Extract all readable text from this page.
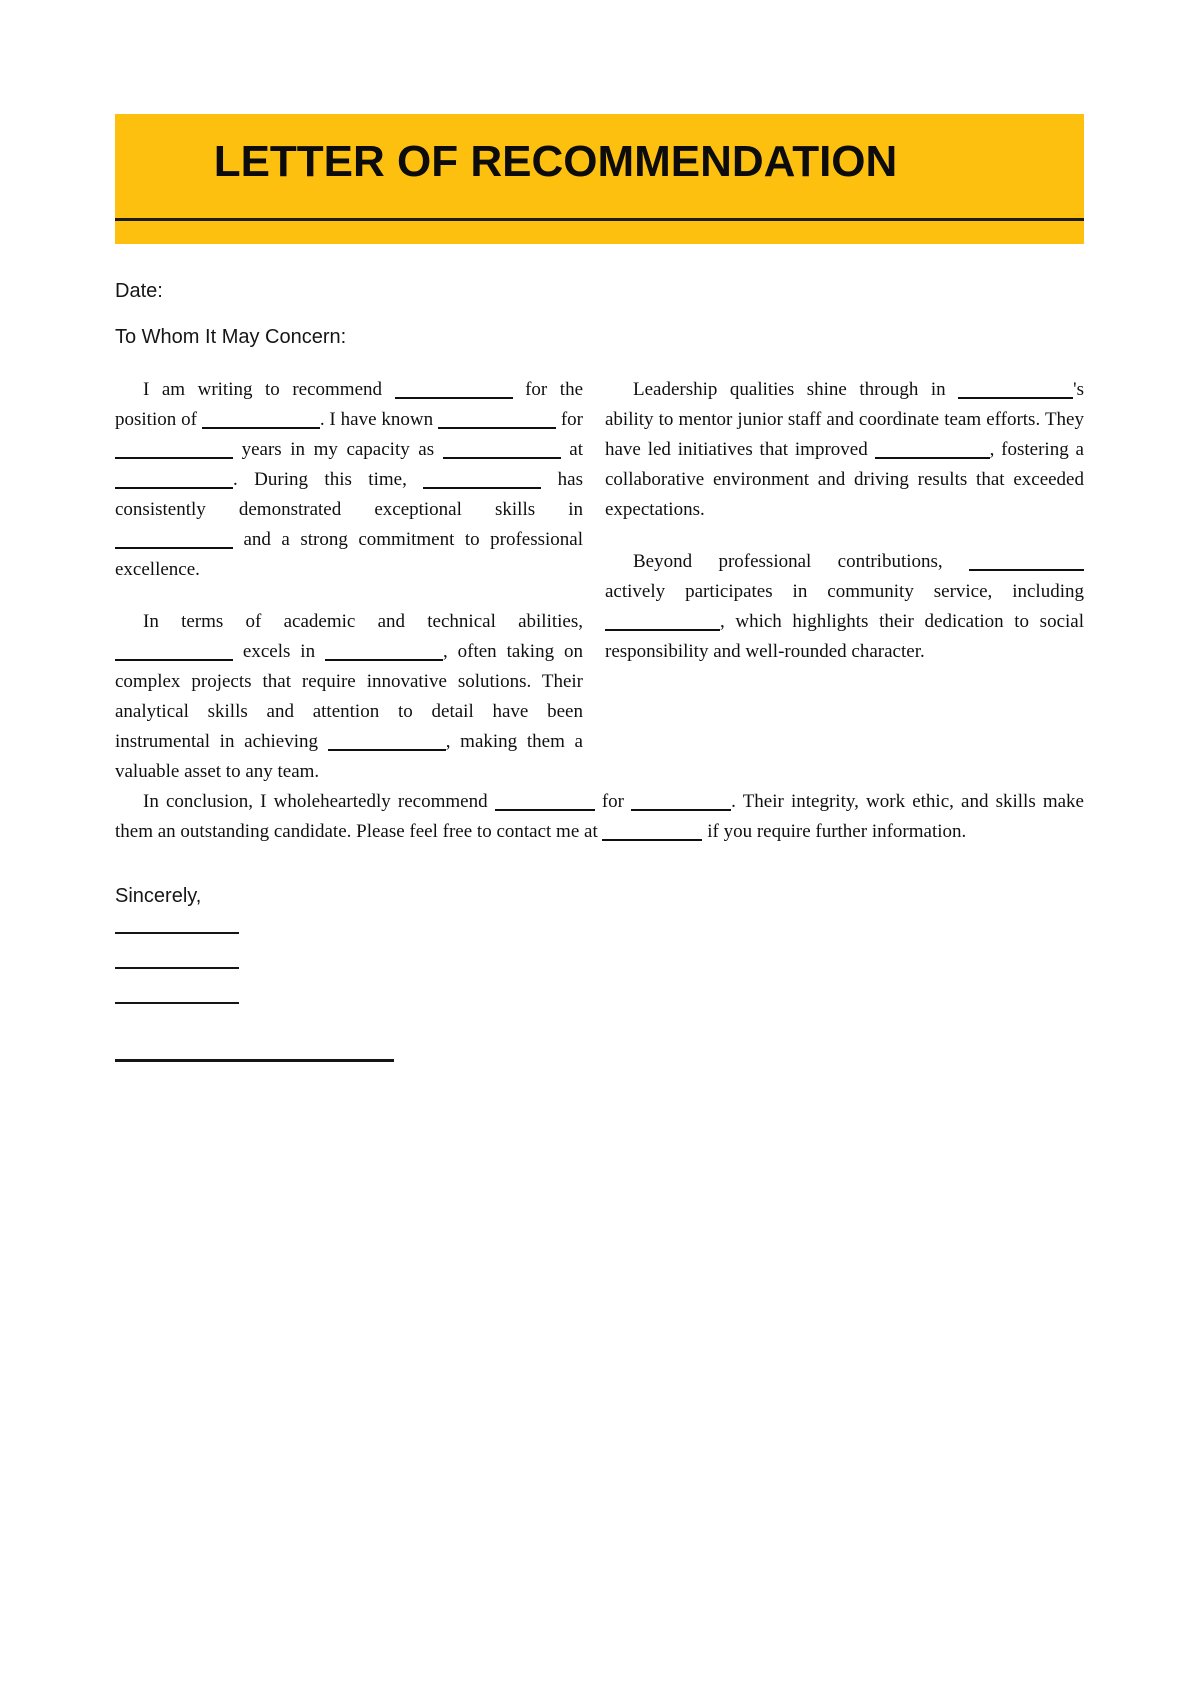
LETTER OF RECOMMENDATION
Date:
To Whom It May Concern:

I am writing to recommend	for the position of	. I have known	for  years in my capacity as	at . During this time,	has consistently demonstrated exceptional skills in  and a strong commitment to professional excellence.

In terms of academic and technical abilities,  excels in	, often taking on complex projects that require innovative solutions. Their analytical skills and attention to detail have been instrumental in achieving	, making them a valuable asset to any team.

Leadership qualities shine through in	's ability to mentor junior staff and coordinate team efforts. They have led initiatives that improved	, fostering a collaborative environment and driving results that exceeded expectations.

Beyond professional contributions,  actively participates in community service, including , which highlights their dedication to social responsibility and well-rounded character.

In conclusion, I wholeheartedly recommend	for	. Their integrity, work ethic, and skills make them an outstanding candidate. Please feel free to contact me at	if you require further information.

Sincerely,
